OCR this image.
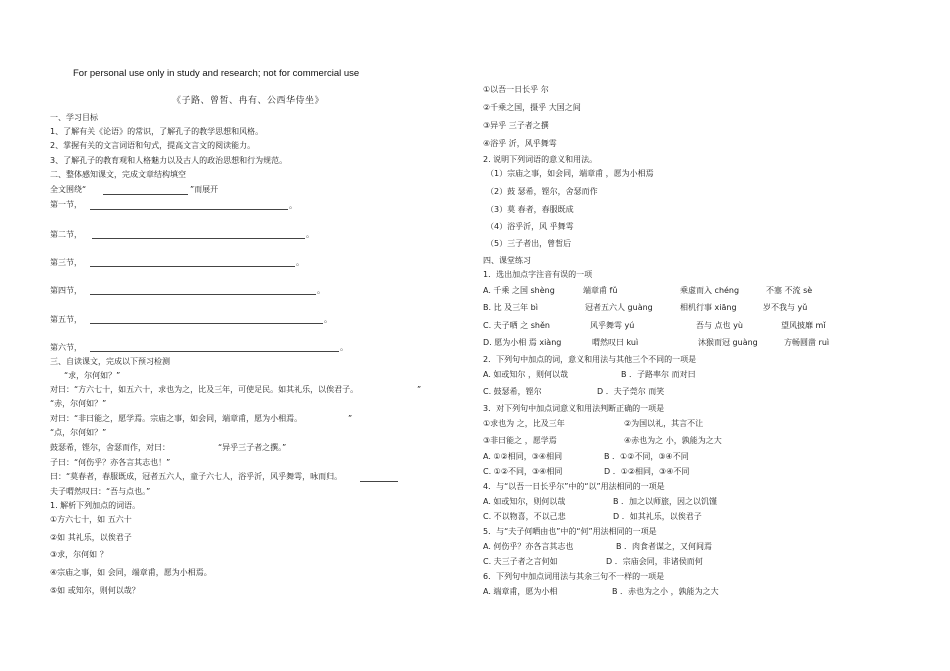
For personal use only in study and research; not for commercial use
《子路、曾皙、冉有、公西华侍坐》
一、学习目标
1、了解有关《论语》的常识，了解孔子的教学思想和风格。
2、掌握有关的文言词语和句式，提高文言文的阅读能力。
3、了解孔子的教育观和人格魅力以及古人的政治思想和行为规范。
二、整体感知课文，完成文章结构填空
全文围绕“	”而展开
第一节，	。
第二节，	。
第三节，	。
第四节，	。
第五节，	。
第六节，	。
三、自读课文，完成以下预习检测
“求，尔何如？”
对曰：“方六七十，如五六十，求也为之，比及三年，可使足民。如其礼乐，以俟君子。	”
“赤，尔何如？”
对曰：“非曰能之，愿学焉。宗庙之事，如会同，端章甫，愿为小相焉。	”
“点，尔何如？”
鼓瑟希，铿尔，舍瑟而作，对曰：	“异乎三子者之撰。”
子曰：“何伤乎？亦各言其志也！”
曰：“莫春者，春服既成，冠者五六人，童子六七人，浴乎沂，风乎舞雩，咏而归。
夫子喟然叹曰：“吾与点也。”
1. 解析下列加点的词语。
①方六七十，如 五六十
②如 其礼乐，以俟君子
③求，尔何如 ？
④宗庙之事，如 会同，端章甫，愿为小相焉。
⑤如 或知尔，则何以哉？
①以吾一日长乎 尔
②千乘之国，摄乎 大国之间
③异乎 三子者之撰
④浴乎 沂，风乎舞雩
2. 说明下列词语的意义和用法。
（1）宗庙之事，如会同，端章甫 ，愿为小相焉
（2）鼓 瑟希，铿尔，舍瑟而作
（3）莫 春者，春服既成
（4）浴乎沂，风 乎舞雩
（5）三子者出，曾皙后
四、课堂练习
1．选出加点字注音有误的一项
A. 千乘 之国 shèng	端章甫 fǔ	乘虚而入 chéng	不塞 不流 sè
B. 比 及三年 bì	冠者五六人 guàng	相机行事 xiāng	岁不我与 yǔ
C. 夫子哂 之 shěn	风乎舞雩 yú	吾与 点也 yù	望风披靡 mǐ
D. 愿为小相 焉 xiàng	喟然叹曰 kuì	沐猴而冠 guàng	方畅圆凿 ruì
2．下列句中加点的词，意义和用法与其他三个不同的一项是
A. 如或知尔 ，则何以哉	B ．子路率尔 而对曰
C. 鼓瑟希，铿尔	D ．夫子莞尔 而笑
3．对下列句中加点词意义和用法判断正确的一项是
①求也为 之，比及三年	②为国以礼，其言不让
③非曰能之 ，愿学焉	④赤也为之 小，孰能为之大
A. ①②相同，③④相同	B ．①②不同，③④不同
C. ①②不同，③④相同	D ．①②相同，③④不同
4．与“以吾一日长乎尔”中的“以”用法相同的一项是
A. 如或知尔，则何以哉	B ．加之以师旅，因之以饥馑
C. 不以物喜，不以己悲	D ．如其礼乐，以俟君子
5．与“夫子何哂由也”中的“何”用法相同的一项是
A. 何伤乎？亦各言其志也	B ．肉食者谋之，又何间焉
C. 夫三子者之言何如	D ．宗庙会同，非诸侯而何
6．下列句中加点词用法与其余三句不一样的一项是
A. 端章甫，愿为小相	B ．赤也为之小 ，孰能为之大
